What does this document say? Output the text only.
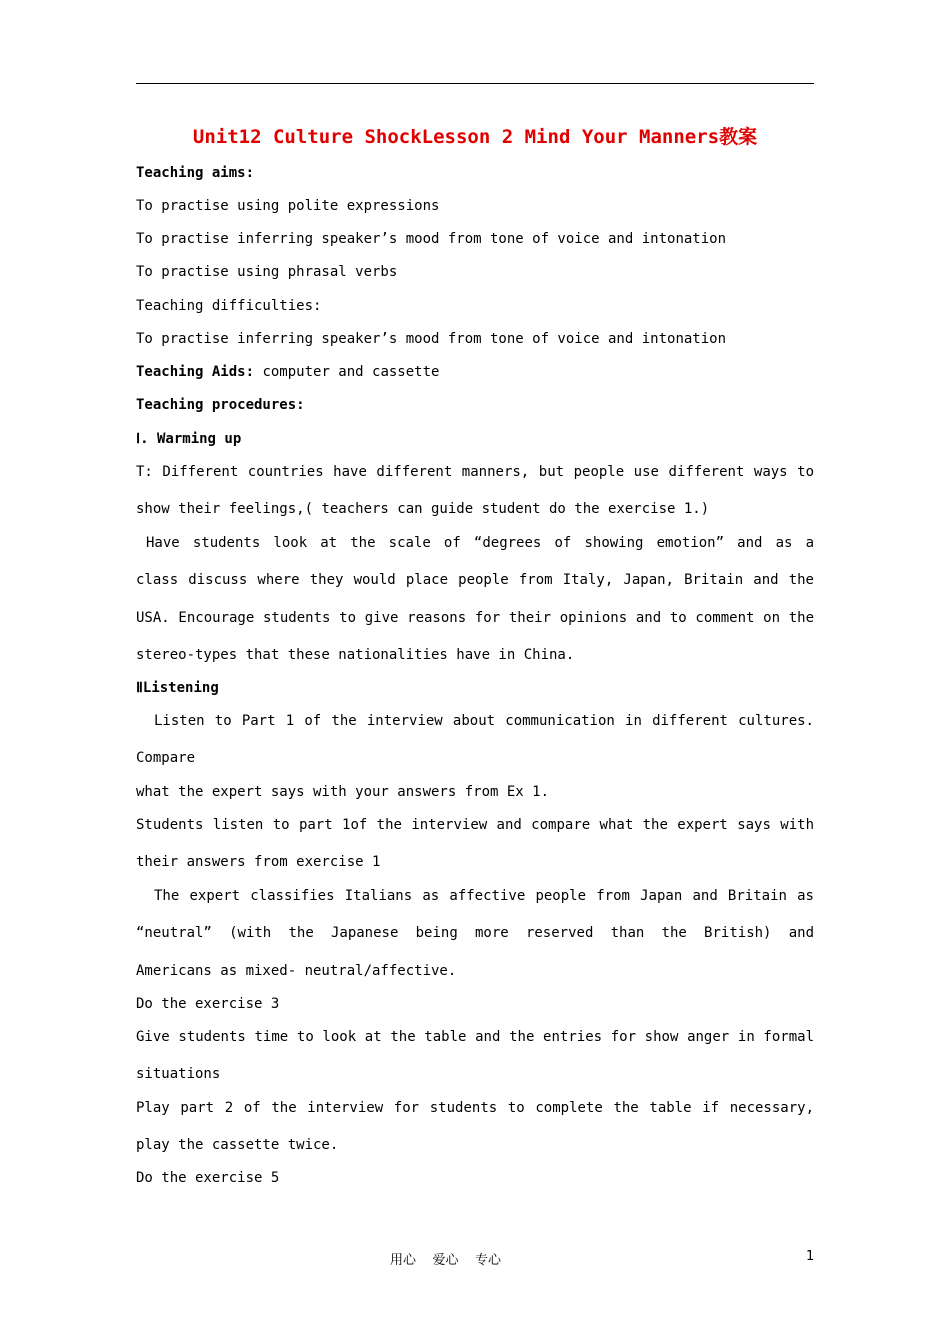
Unit12 Culture ShockLesson 2 Mind Your Manners教案
Teaching aims:
To practise using polite expressions
To practise inferring speaker’s mood from tone of voice and intonation
To practise using phrasal verbs
Teaching difficulties:
To practise inferring speaker’s mood from tone of voice and intonation
Teaching Aids: computer and cassette
Teaching procedures:
Ⅰ. Warming up
T: Different countries have different manners, but people use different ways to
show their feelings,( teachers can guide student do the exercise 1.)
Have students look at the scale of “degrees of showing emotion” and as a
class discuss where they would place people from Italy, Japan, Britain and the
USA. Encourage students to give reasons for their opinions and to comment on the
stereo-types that these nationalities have in China.
ⅡListening
Listen to Part 1 of the interview about communication in different cultures.
Compare
what the expert says with your answers from Ex 1.
Students listen to part 1of the interview and compare what the expert says with
their answers from exercise 1
The expert classifies Italians as affective people from Japan and Britain as
“neutral” (with the Japanese being more reserved than the British) and
Americans as mixed- neutral/affective.
Do the exercise 3
Give students time to look at the table and the entries for show anger in formal
situations
Play part 2 of the interview for students to complete the table if necessary,
play the cassette twice.
Do the exercise 5
用心    爱心    专心	1
